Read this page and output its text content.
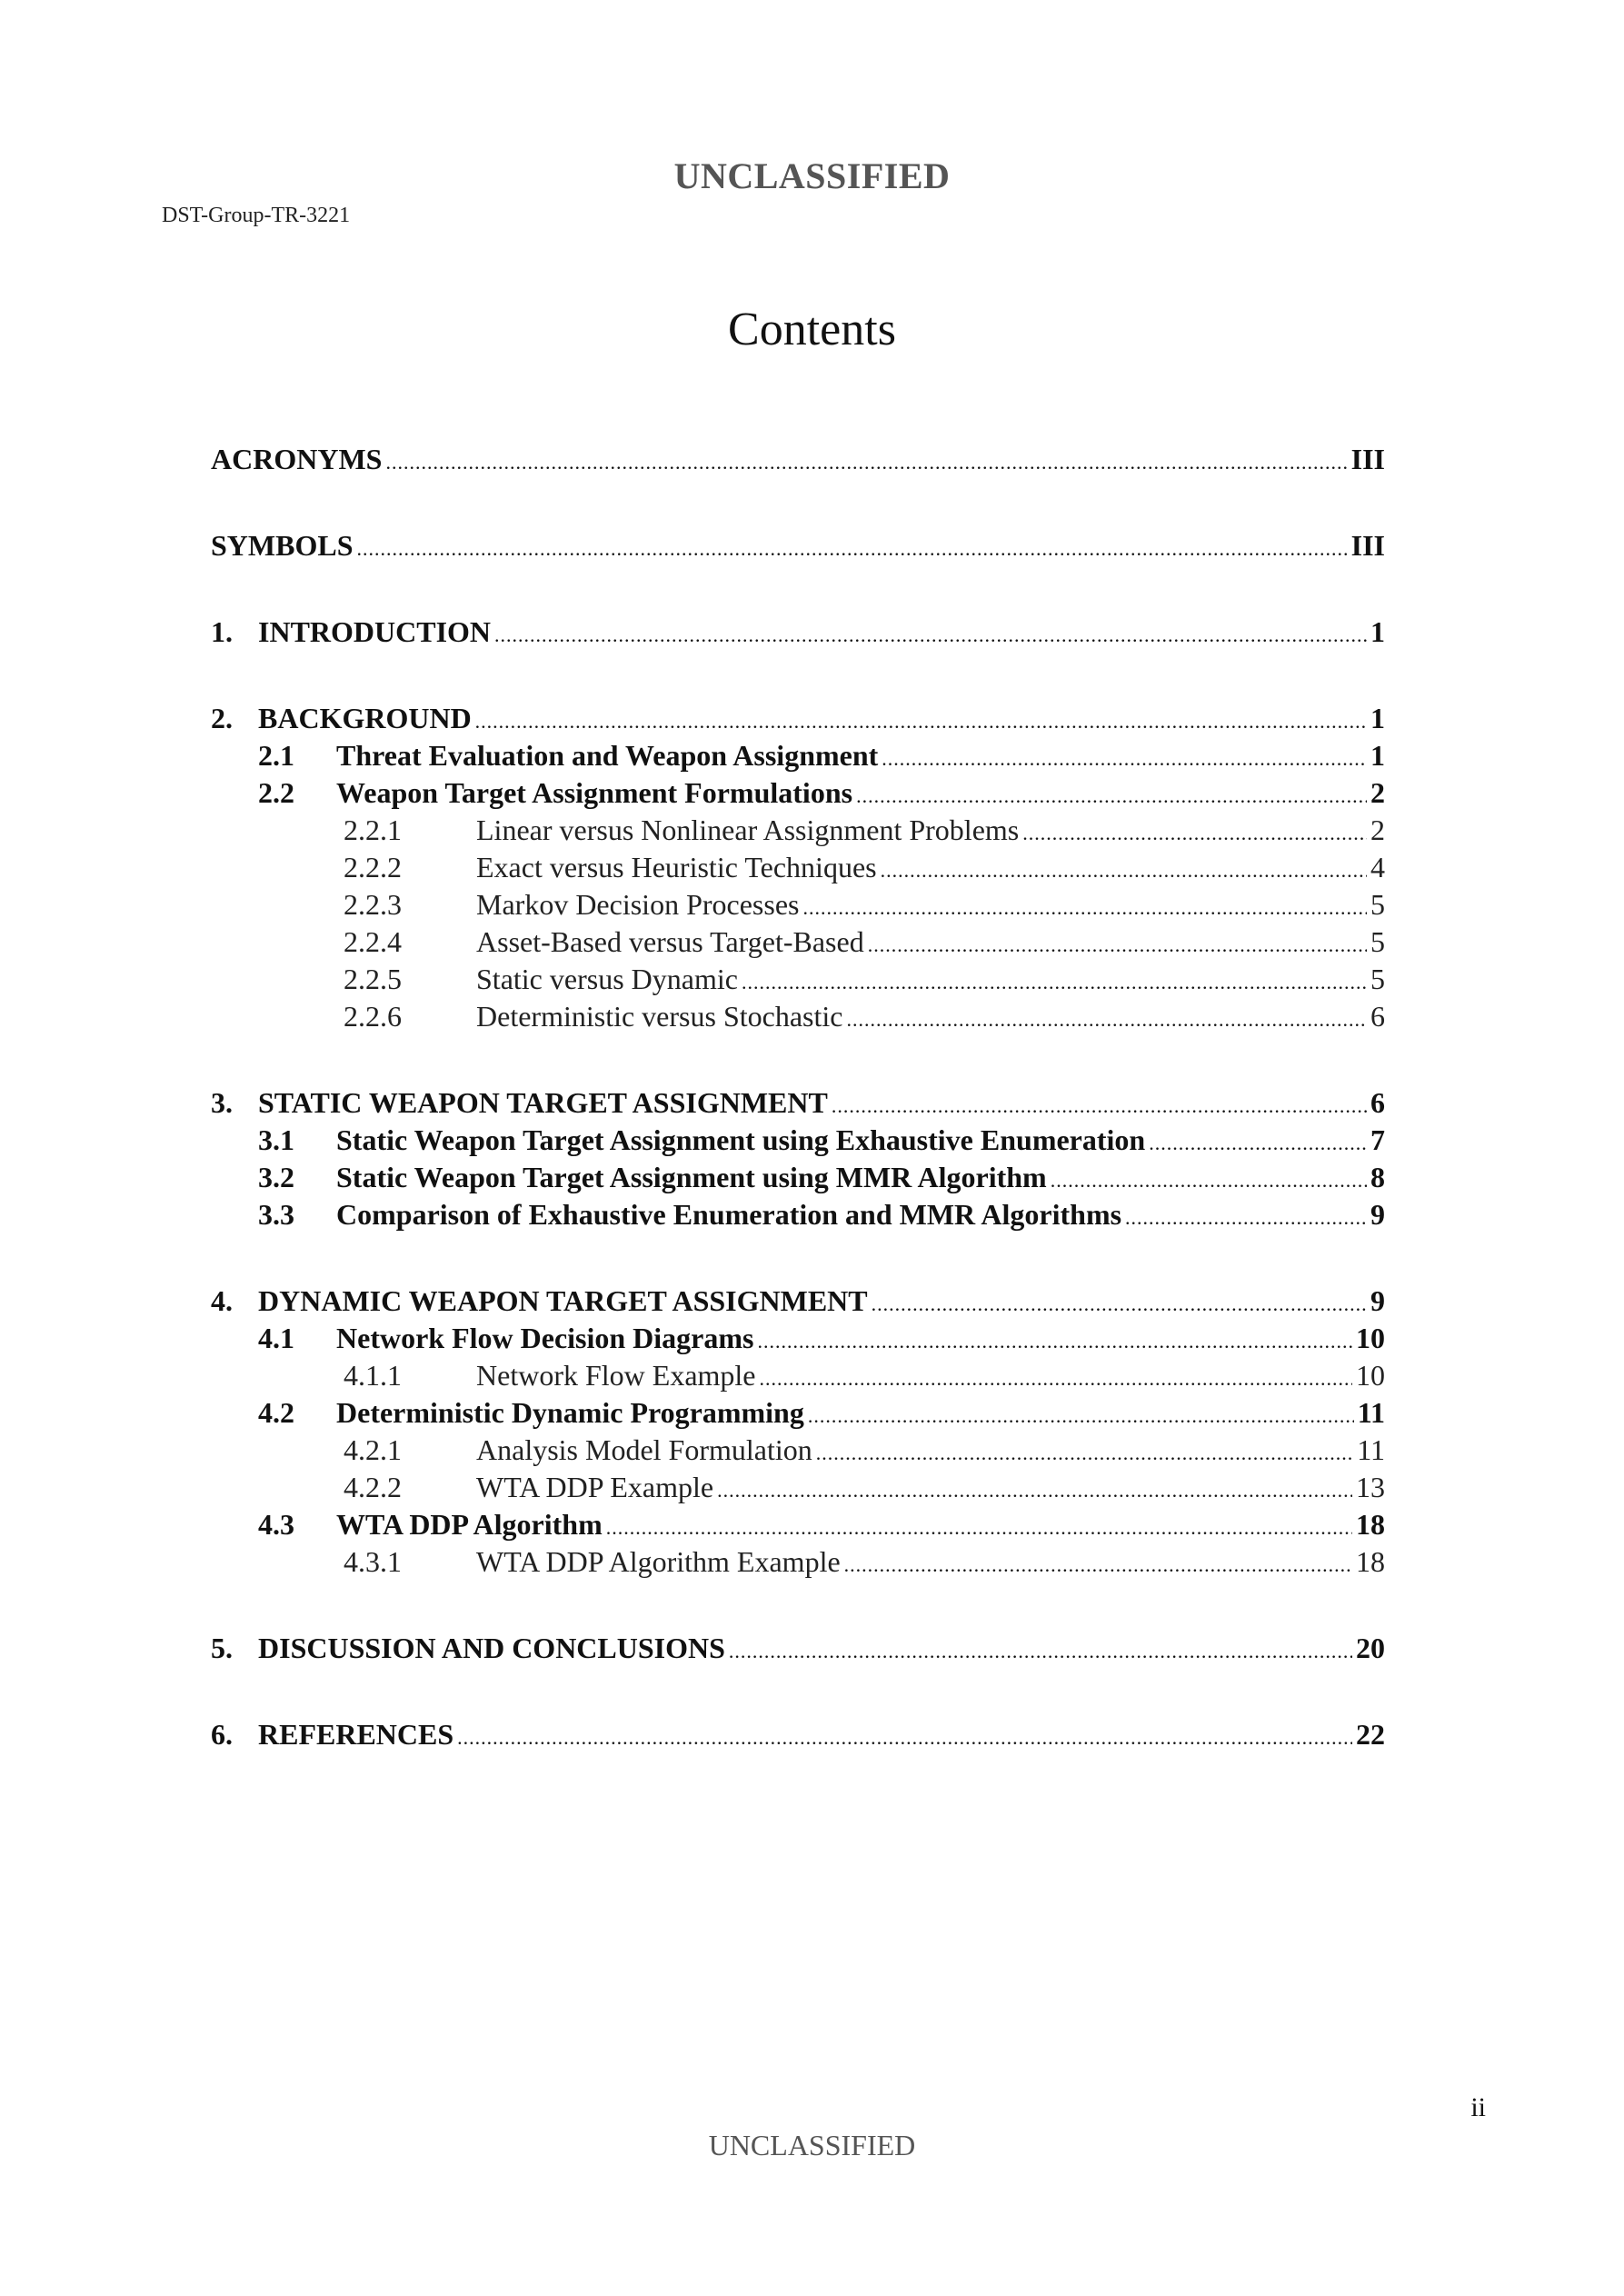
UNCLASSIFIED
DST-Group-TR-3221
Contents
ACRONYMS .....	III
SYMBOLS .....	III
1. INTRODUCTION .....	1
2. BACKGROUND .....	1
2.1	Threat Evaluation and Weapon Assignment .....	1
2.2	Weapon Target Assignment Formulations .....	2
2.2.1	Linear versus Nonlinear Assignment Problems .....	2
2.2.2	Exact versus Heuristic Techniques .....	4
2.2.3	Markov Decision Processes .....	5
2.2.4	Asset-Based versus Target-Based .....	5
2.2.5	Static versus Dynamic .....	5
2.2.6	Deterministic versus Stochastic .....	6
3. STATIC WEAPON TARGET ASSIGNMENT .....	6
3.1	Static Weapon Target Assignment using Exhaustive Enumeration .....	7
3.2	Static Weapon Target Assignment using MMR Algorithm .....	8
3.3	Comparison of Exhaustive Enumeration and MMR Algorithms .....	9
4. DYNAMIC WEAPON TARGET ASSIGNMENT .....	9
4.1	Network Flow Decision Diagrams .....	10
4.1.1	Network Flow Example .....	10
4.2	Deterministic Dynamic Programming .....	11
4.2.1	Analysis Model Formulation .....	11
4.2.2	WTA DDP Example .....	13
4.3	WTA DDP Algorithm .....	18
4.3.1	WTA DDP Algorithm Example .....	18
5. DISCUSSION AND CONCLUSIONS .....	20
6. REFERENCES .....	22
ii
UNCLASSIFIED
